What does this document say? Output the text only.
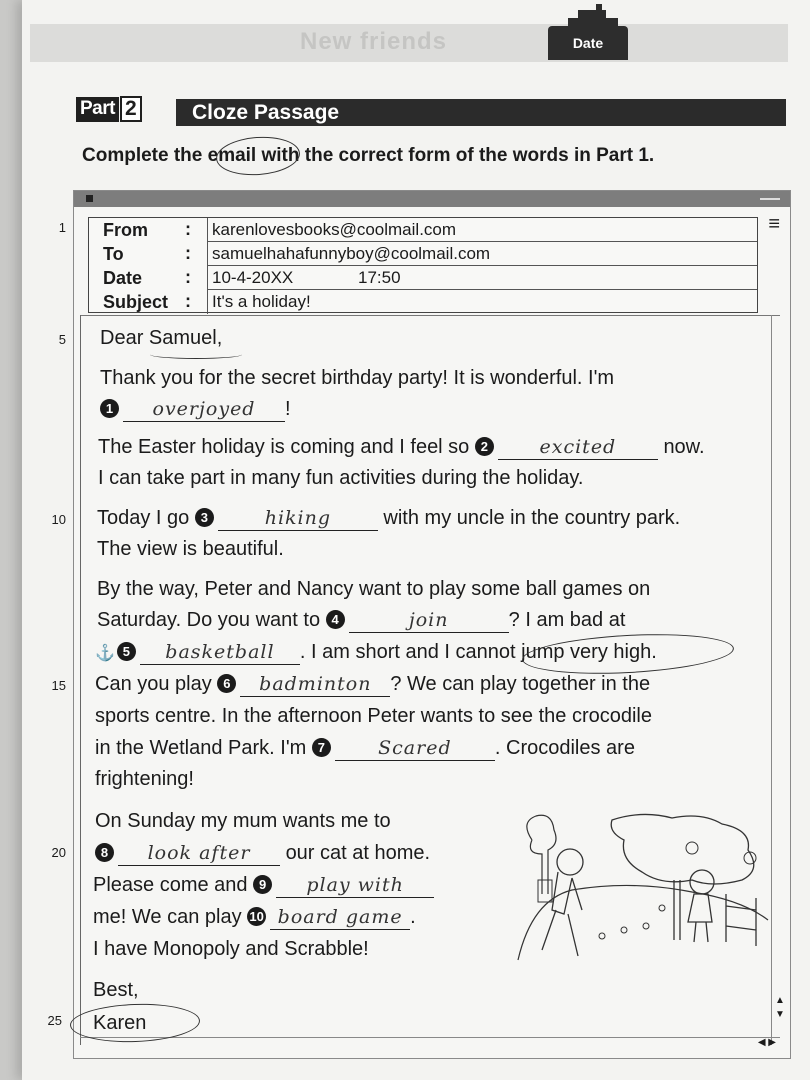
New friends	Date
Part 2	Cloze Passage
Complete the email with the correct form of the words in Part 1.
From : karenlovesbooks@coolmail.com
To	: samuelhahafunnyboy@coolmail.com
Date : 10-4-20XX	17:50
Subject : It's a holiday!
≡
▲
▼
◀ ▶
1
5
10
15
20
25
Dear Samuel,
Thank you for the secret birthday party! It is wonderful. I'm
1 overjoyed !
The Easter holiday is coming and I feel so 2	excited now.
I can take part in many fun activities during the holiday.
Today I go 3	hiking	with my uncle in the country park.
The view is beautiful.
By the way, Peter and Nancy want to play some ball games on
Saturday. Do you want to 4	join	? I am bad at
⚓ 5 basketball . I am short and I cannot jump very high.
Can you play 6 badminton ? We can play together in the
sports centre. In the afternoon Peter wants to see the crocodile
in the Wetland Park. I'm 7	Scared . Crocodiles are
frightening!
On Sunday my mum wants me to
8 look after our cat at home.
Please come and 9 play with
me! We can play 10 board game .
I have Monopoly and Scrabble!
Best,
Karen
